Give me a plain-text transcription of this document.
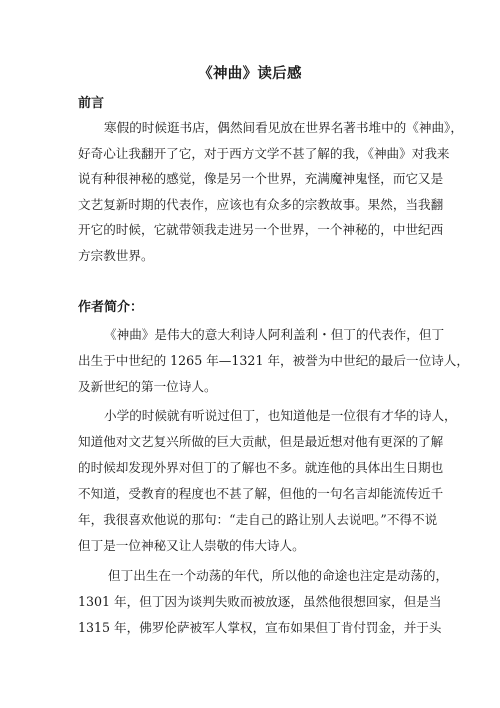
《神曲》读后感
前言
寒假的时候逛书店，偶然间看见放在世界名著书堆中的《神曲》，
好奇心让我翻开了它，对于西方文学不甚了解的我，《神曲》对我来
说有种很神秘的感觉，像是另一个世界，充满魔神鬼怪，而它又是
文艺复新时期的代表作，应该也有众多的宗教故事。果然，当我翻
开它的时候，它就带领我走进另一个世界，一个神秘的，中世纪西
方宗教世界。
作者简介：
《神曲》是伟大的意大利诗人阿利盖利・但丁的代表作，但丁
出生于中世纪的 1265 年—1321 年，被誉为中世纪的最后一位诗人，
及新世纪的第一位诗人。
小学的时候就有听说过但丁，也知道他是一位很有才华的诗人，
知道他对文艺复兴所做的巨大贡献，但是最近想对他有更深的了解
的时候却发现外界对但丁的了解也不多。就连他的具体出生日期也
不知道，受教育的程度也不甚了解，但他的一句名言却能流传近千
年，我很喜欢他说的那句：“走自己的路让别人去说吧。”不得不说
但丁是一位神秘又让人崇敬的伟大诗人。
但丁出生在一个动荡的年代，所以他的命途也注定是动荡的，
1301 年，但丁因为谈判失败而被放逐，虽然他很想回家，但是当
1315 年，佛罗伦萨被军人掌权，宣布如果但丁肯付罚金，并于头
